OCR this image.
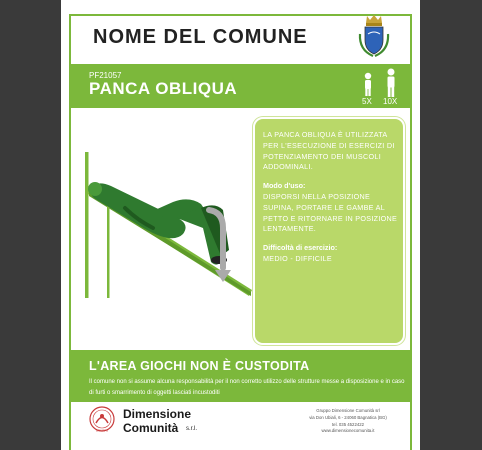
NOME DEL COMUNE
PF21057
PANCA OBLIQUA
5X 10X

LA PANCA OBLIQUA È UTILIZZATA PER L'ESECUZIONE DI ESERCIZI DI POTENZIAMENTO DEI MUSCOLI ADDOMINALI.

Modo d'uso:

DISPORSI NELLA POSIZIONE SUPINA, PORTARE LE GAMBE AL PETTO E RITORNARE IN POSIZIONE LENTAMENTE.

Difficoltà di esercizio:

MEDIO - DIFFICILE

L'AREA GIOCHI NON È CUSTODITA
Il comune non si assume alcuna responsabilità per il non corretto utilizzo delle strutture messe a disposizione e in caso di furti o smarrimento di oggetti lasciati incustoditi
GRUPPO
Dimensione
Comunità s.r.l.
Gruppo Dimensione Comunità srl
via Don Ubiali, 6 - 24060 Bagnatica (BG)
tel. 035 4522422
www.dimensionecomunita.it
